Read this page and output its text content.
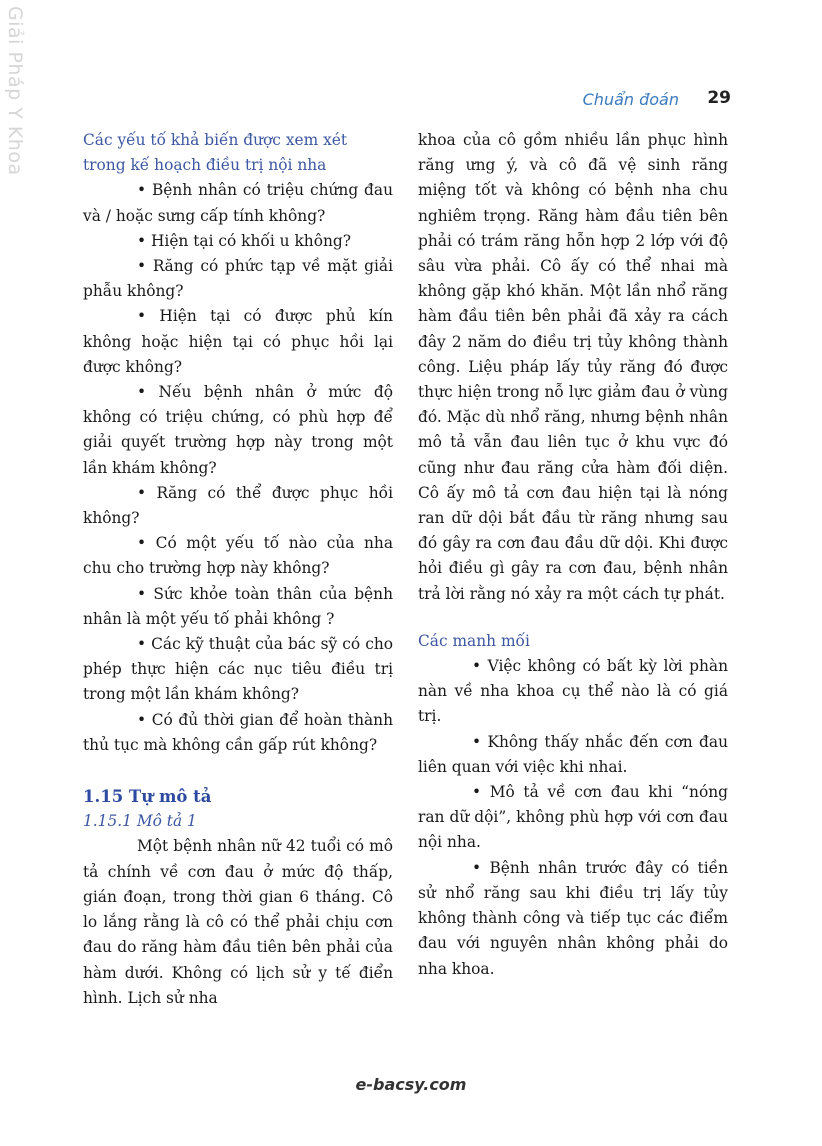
Giải Pháp Y Khoa	Chuẩn đoán	29

Các yếu tố khả biến được xem xét trong kế hoạch điều trị nội nha

• Bệnh nhân có triệu chứng đau và / hoặc sưng cấp tính không?

• Hiện tại có khối u không?

• Răng có phức tạp về mặt giải phẫu không?

• Hiện tại có được phủ kín không hoặc hiện tại có phục hồi lại được không?

• Nếu bệnh nhân ở mức độ không có triệu chứng, có phù hợp để giải quyết trường hợp này trong một lần khám không?

• Răng có thể được phục hồi không?

• Có một yếu tố nào của nha chu cho trường hợp này không?

• Sức khỏe toàn thân của bệnh nhân là một yếu tố phải không ?

• Các kỹ thuật của bác sỹ có cho phép thực hiện các nục tiêu điều trị trong một lần khám không?

• Có đủ thời gian để hoàn thành thủ tục mà không cần gấp rút không?

1.15 Tự mô tả

1.15.1 Mô tả 1

Một bệnh nhân nữ 42 tuổi có mô tả chính về cơn đau ở mức độ thấp, gián đoạn, trong thời gian 6 tháng. Cô lo lắng rằng là cô có thể phải chịu cơn đau do răng hàm đầu tiên bên phải của hàm dưới. Không có lịch sử y tế điển hình. Lịch sử nha

khoa của cô gồm nhiều lần phục hình răng ưng ý, và cô đã vệ sinh răng miệng tốt và không có bệnh nha chu nghiêm trọng. Răng hàm đầu tiên bên phải có trám răng hỗn hợp 2 lớp với độ sâu vừa phải. Cô ấy có thể nhai mà không gặp khó khăn. Một lần nhổ răng hàm đầu tiên bên phải đã xảy ra cách đây 2 năm do điều trị tủy không thành công. Liệu pháp lấy tủy răng đó được thực hiện trong nỗ lực giảm đau ở vùng đó. Mặc dù nhổ răng, nhưng bệnh nhân mô tả vẫn đau liên tục ở khu vực đó cũng như đau răng cửa hàm đối diện. Cô ấy mô tả cơn đau hiện tại là nóng ran dữ dội bắt đầu từ răng nhưng sau đó gây ra cơn đau đầu dữ dội. Khi được hỏi điều gì gây ra cơn đau, bệnh nhân trả lời rằng nó xảy ra một cách tự phát.

Các manh mối

• Việc không có bất kỳ lời phàn nàn về nha khoa cụ thể nào là có giá trị.

• Không thấy nhắc đến cơn đau liên quan với việc khi nhai.

• Mô tả về cơn đau khi “nóng ran dữ dội”, không phù hợp với cơn đau nội nha.

• Bệnh nhân trước đây có tiền sử nhổ răng sau khi điều trị lấy tủy không thành công và tiếp tục các điểm đau với nguyên nhân không phải do nha khoa.

e-bacsy.com
